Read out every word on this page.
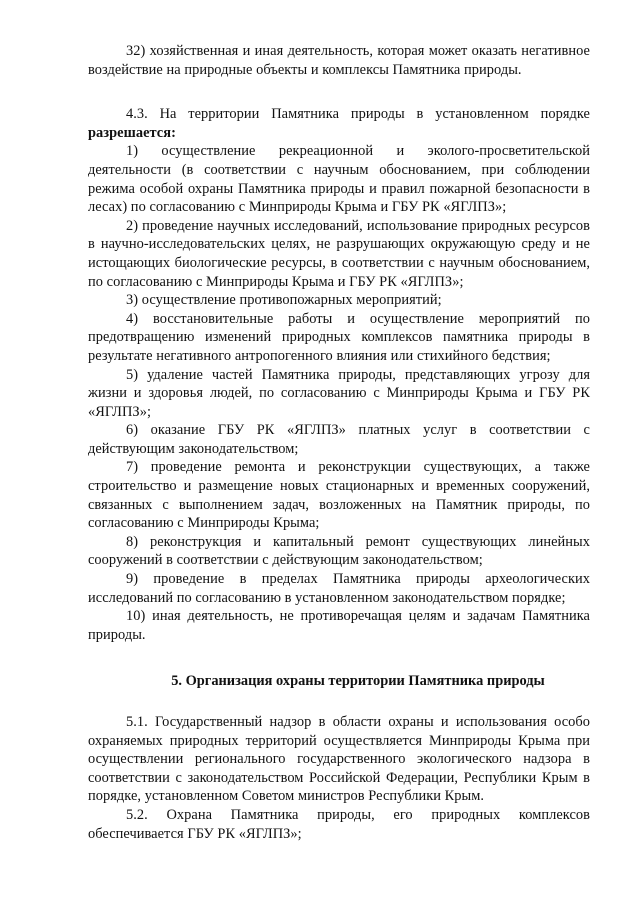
32) хозяйственная и иная деятельность, которая может оказать негативное воздействие на природные объекты и комплексы Памятника природы.

4.3. На территории Памятника природы в установленном порядке разрешается:

1) осуществление рекреационной и эколого-просветительской деятельности (в соответствии с научным обоснованием, при соблюдении режима особой охраны Памятника природы и правил пожарной безопасности в лесах) по согласованию с Минприроды Крыма и ГБУ РК «ЯГЛПЗ»;

2) проведение научных исследований, использование природных ресурсов в научно-исследовательских целях, не разрушающих окружающую среду и не истощающих биологические ресурсы, в соответствии с научным обоснованием, по согласованию с Минприроды Крыма и ГБУ РК «ЯГЛПЗ»;

3) осуществление противопожарных мероприятий;

4) восстановительные работы и осуществление мероприятий по предотвращению изменений природных комплексов памятника природы в результате негативного антропогенного влияния или стихийного бедствия;

5) удаление частей Памятника природы, представляющих угрозу для жизни и здоровья людей, по согласованию с Минприроды Крыма и ГБУ РК «ЯГЛПЗ»;

6) оказание ГБУ РК «ЯГЛПЗ» платных услуг в соответствии с действующим законодательством;

7) проведение ремонта и реконструкции существующих, а также строительство и размещение новых стационарных и временных сооружений, связанных с выполнением задач, возложенных на Памятник природы, по согласованию с Минприроды Крыма;

8) реконструкция и капитальный ремонт существующих линейных сооружений в соответствии с действующим законодательством;

9) проведение в пределах Памятника природы археологических исследований по согласованию в установленном законодательством порядке;

10) иная деятельность, не противоречащая целям и задачам Памятника природы.

5. Организация охраны территории Памятника природы

5.1. Государственный надзор в области охраны и использования особо охраняемых природных территорий осуществляется Минприроды Крыма при осуществлении регионального государственного экологического надзора в соответствии с законодательством Российской Федерации, Республики Крым в порядке, установленном Советом министров Республики Крым.

5.2. Охрана Памятника природы, его природных комплексов обеспечивается ГБУ РК «ЯГЛПЗ»;
